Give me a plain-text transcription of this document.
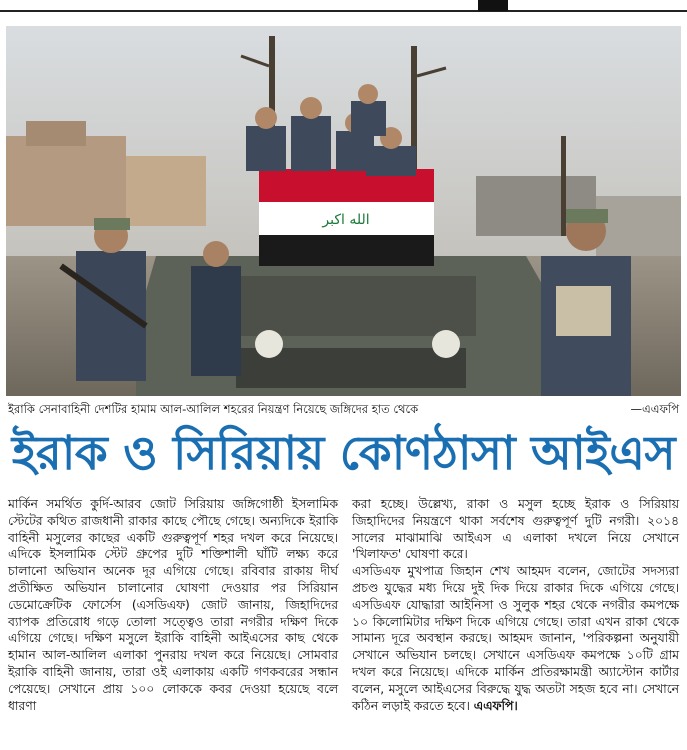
الله اکبر
ইরাকি সেনাবাহিনী দেশটির হামাম আল-আলিল শহরের নিয়ন্ত্রণ নিয়েছে জঙ্গিদের হাত থেকে	—এএফপি
ইরাক ও সিরিয়ায় কোণঠাসা আইএস

মার্কিন সমর্থিত কুর্দি-আরব জোট সিরিয়ায় জঙ্গিগোষ্ঠী ইসলামিক স্টেটের কথিত রাজধানী রাকার কাছে পৌছে গেছে। অন্যদিকে ইরাকি বাহিনী মসুলের কাছের একটি গুরুত্বপূর্ণ শহর দখল করে নিয়েছে। এদিকে ইসলামিক স্টেট গ্রুপের দুটি শক্তিশালী ঘাঁটি লক্ষ্য করে চালানো অভিযান অনেক দূর এগিয়ে গেছে। রবিবার রাকায় দীর্ঘ প্রতীক্ষিত অভিযান চালানোর ঘোষণা দেওয়ার পর সিরিয়ান ডেমোক্রেটিক ফোর্সেস (এসডিএফ) জোট জানায়, জিহাদিদের ব্যাপক প্রতিরোধ গড়ে তোলা সত্ত্বেও তারা নগরীর দক্ষিণ দিকে এগিয়ে গেছে। দক্ষিণ মসুলে ইরাকি বাহিনী আইএসের কাছ থেকে হামান আল-আলিল এলাকা পুনরায় দখল করে নিয়েছে। সোমবার ইরাকি বাহিনী জানায়, তারা ওই এলাকায় একটি গণকবরের সন্ধান পেয়েছে। সেখানে প্রায় ১০০ লোককে কবর দেওয়া হয়েছে বলে ধারণা

করা হচ্ছে। উল্লেখ্য, রাকা ও মসুল হচ্ছে ইরাক ও সিরিয়ায় জিহাদিদের নিয়ন্ত্রণে থাকা সর্বশেষ গুরুত্বপূর্ণ দুটি নগরী। ২০১৪ সালের মাঝামাঝি আইএস এ এলাকা দখলে নিয়ে সেখানে 'খিলাফত' ঘোষণা করে।

এসডিএফ মুখপাত্র জিহান শেখ আহমদ বলেন, জোটের সদস্যরা প্রচণ্ড যুদ্ধের মধ্য দিয়ে দুই দিক দিয়ে রাকার দিকে এগিয়ে গেছে। এসডিএফ যোদ্ধারা আইনিসা ও সুলুক শহর থেকে নগরীর কমপক্ষে ১০ কিলোমিটার দক্ষিণ দিকে এগিয়ে গেছে। তারা এখন রাকা থেকে সামান্য দূরে অবস্থান করছে। আহমদ জানান, 'পরিকল্পনা অনুযায়ী সেখানে অভিযান চলছে। সেখানে এসডিএফ কমপক্ষে ১০টি গ্রাম দখল করে নিয়েছে। এদিকে মার্কিন প্রতিরক্ষামন্ত্রী অ্যাস্টোন কার্টার বলেন, মসুলে আইএসের বিরুদ্ধে যুদ্ধ অতটা সহজ হবে না। সেখানে কঠিন লড়াই করতে হবে। এএফপি।
